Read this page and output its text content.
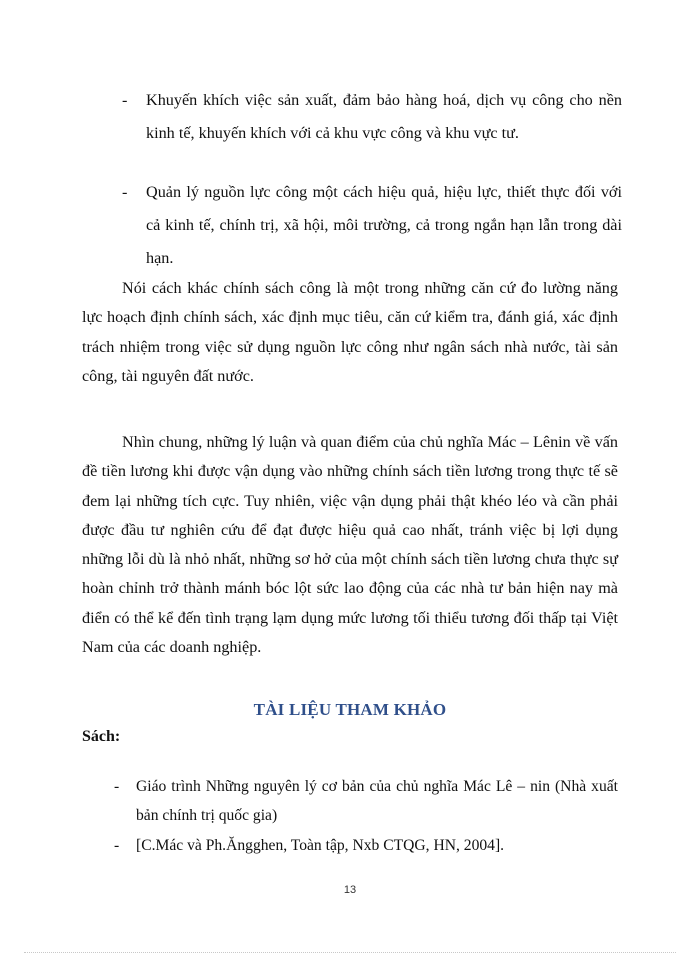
- Khuyến khích việc sản xuất, đảm bảo hàng hoá, dịch vụ công cho nền kinh tế, khuyến khích với cả khu vực công và khu vực tư.
- Quản lý nguồn lực công một cách hiệu quả, hiệu lực, thiết thực đối với cả kinh tế, chính trị, xã hội, môi trường, cả trong ngắn hạn lẫn trong dài hạn.
Nói cách khác chính sách công là một trong những căn cứ đo lường năng lực hoạch định chính sách, xác định mục tiêu, căn cứ kiểm tra, đánh giá, xác định trách nhiệm trong việc sử dụng nguồn lực công như ngân sách nhà nước, tài sản công, tài nguyên đất nước.
Nhìn chung, những lý luận và quan điểm của chủ nghĩa Mác – Lênin về vấn đề tiền lương khi được vận dụng vào những chính sách tiền lương trong thực tế sẽ đem lại những tích cực. Tuy nhiên, việc vận dụng phải thật khéo léo và cần phải được đầu tư nghiên cứu để đạt được hiệu quả cao nhất, tránh việc bị lợi dụng những lỗi dù là nhỏ nhất, những sơ hở của một chính sách tiền lương chưa thực sự hoàn chỉnh trở thành mánh bóc lột sức lao động của các nhà tư bản hiện nay mà điển có thể kể đến tình trạng lạm dụng mức lương tối thiểu tương đối thấp tại Việt Nam của các doanh nghiệp.
TÀI LIỆU THAM KHẢO
Sách:
- Giáo trình Những nguyên lý cơ bản của chủ nghĩa Mác Lê – nin (Nhà xuất bản chính trị quốc gia)
- [C.Mác và Ph.Ăngghen, Toàn tập, Nxb CTQG, HN, 2004].
13
